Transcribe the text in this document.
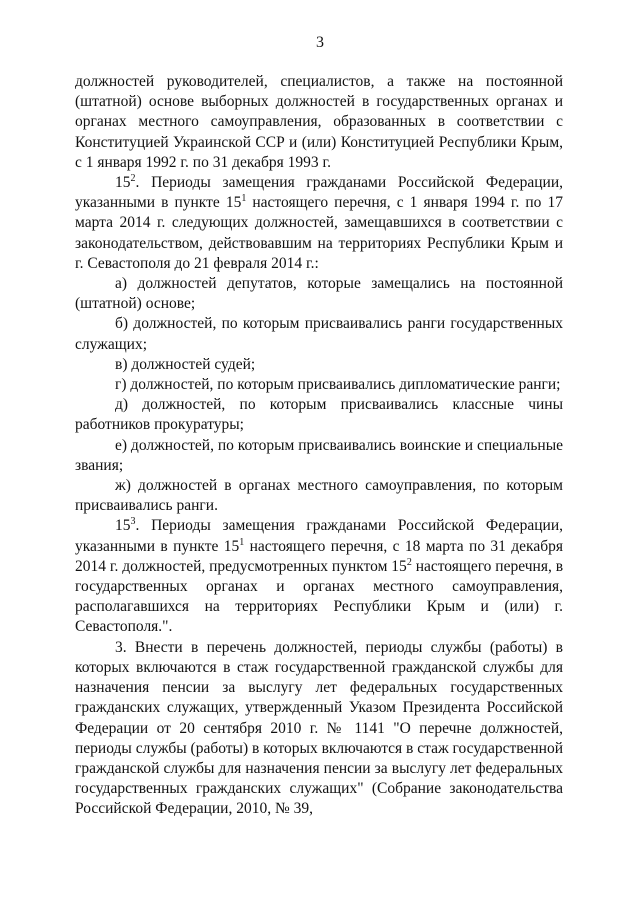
3

должностей руководителей, специалистов, а также на постоянной (штатной) основе выборных должностей в государственных органах и органах местного самоуправления, образованных в соответствии с Конституцией Украинской ССР и (или) Конституцией Республики Крым, с 1 января 1992 г. по 31 декабря 1993 г.

$15^2$. Периоды замещения гражданами Российской Федерации, указанными в пункте $15^1$ настоящего перечня, с 1 января 1994 г. по 17 марта 2014 г. следующих должностей, замещавшихся в соответствии с законодательством, действовавшим на территориях Республики Крым и г. Севастополя до 21 февраля 2014 г.:

а) должностей депутатов, которые замещались на постоянной (штатной) основе;

б) должностей, по которым присваивались ранги государственных служащих;

в) должностей судей;

г) должностей, по которым присваивались дипломатические ранги;

д) должностей, по которым присваивались классные чины работников прокуратуры;

е) должностей, по которым присваивались воинские и специальные звания;

ж) должностей в органах местного самоуправления, по которым присваивались ранги.

$15^3$. Периоды замещения гражданами Российской Федерации, указанными в пункте $15^1$ настоящего перечня, с 18 марта по 31 декабря 2014 г. должностей, предусмотренных пунктом $15^2$ настоящего перечня, в государственных органах и органах местного самоуправления, располагавшихся на территориях Республики Крым и (или) г. Севастополя.".

3. Внести в перечень должностей, периоды службы (работы) в которых включаются в стаж государственной гражданской службы для назначения пенсии за выслугу лет федеральных государственных гражданских служащих, утвержденный Указом Президента Российской Федерации от 20 сентября 2010 г. № 1141 "О перечне должностей, периоды службы (работы) в которых включаются в стаж государственной гражданской службы для назначения пенсии за выслугу лет федеральных государственных гражданских служащих" (Собрание законодательства Российской Федерации, 2010, № 39,
